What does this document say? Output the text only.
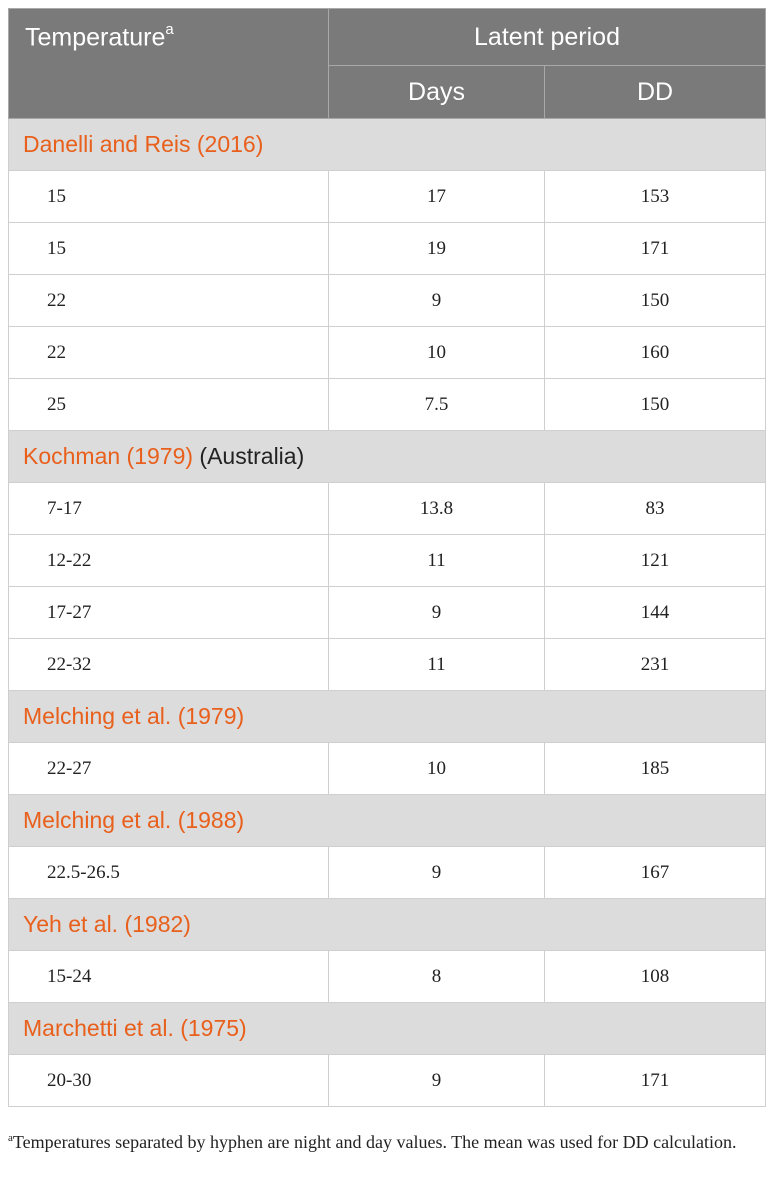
Temperature$^a$	Latent period	
	Days	DD
Danelli and Reis (2016)		
15	17	153
15	19	171
22	9	150
22	10	160
25	7.5	150
Kochman (1979) (Australia)		
7-17	13.8	83
12-22	11	121
17-27	9	144
22-32	11	231
Melching et al. (1979)		
22-27	10	185
Melching et al. (1988)		
22.5-26.5	9	167
Yeh et al. (1982)		
15-24	8	108
Marchetti et al. (1975)		
20-30	9	171
$^a$Temperatures separated by hyphen are night and day values. The mean was used for DD calculation.
